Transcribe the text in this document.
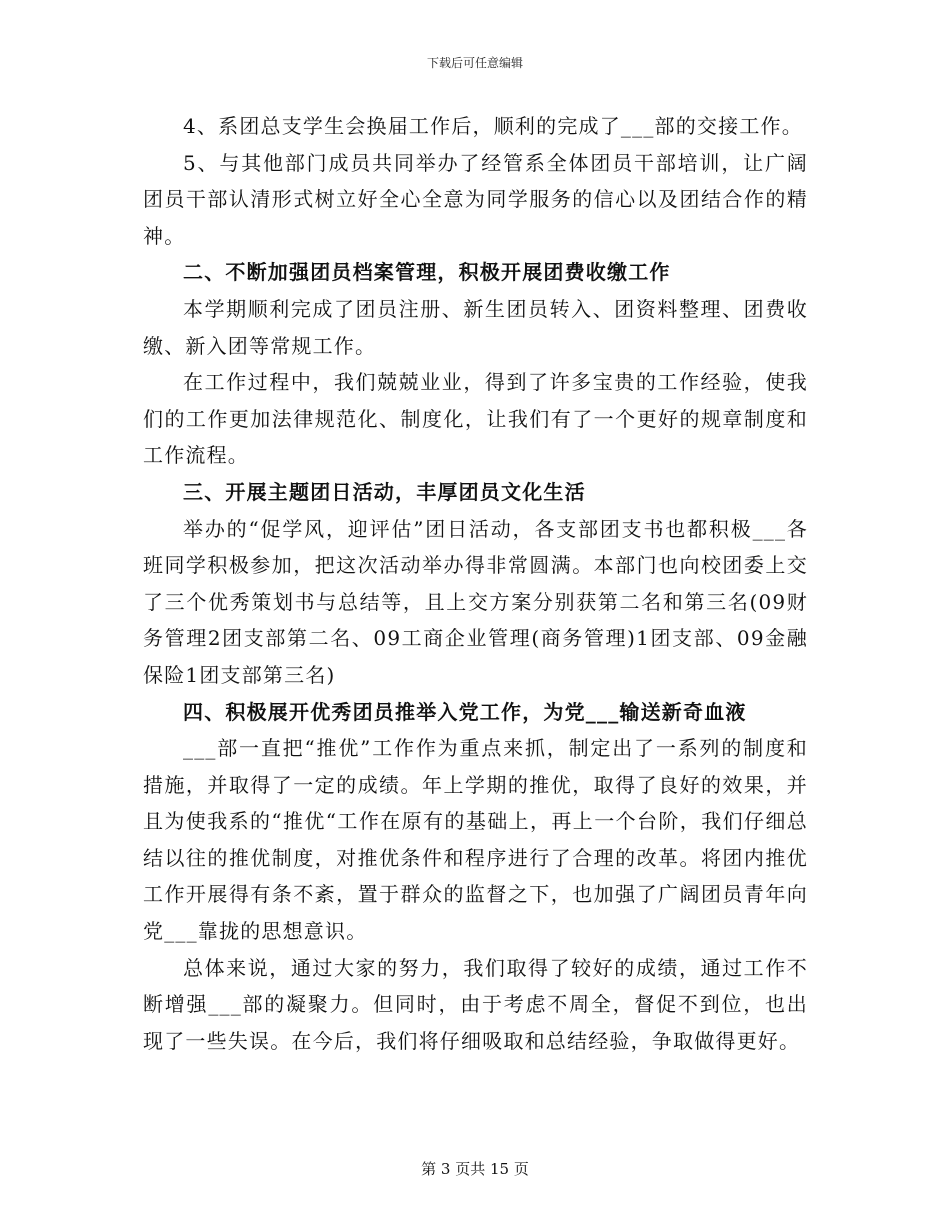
下载后可任意编辑

4、系团总支学生会换届工作后，顺利的完成了___部的交接工作。

5、与其他部门成员共同举办了经管系全体团员干部培训，让广阔团员干部认清形式树立好全心全意为同学服务的信心以及团结合作的精神。

二、不断加强团员档案管理，积极开展团费收缴工作

本学期顺利完成了团员注册、新生团员转入、团资料整理、团费收缴、新入团等常规工作。

在工作过程中，我们兢兢业业，得到了许多宝贵的工作经验，使我们的工作更加法律规范化、制度化，让我们有了一个更好的规章制度和工作流程。

三、开展主题团日活动，丰厚团员文化生活

举办的“促学风，迎评估”团日活动，各支部团支书也都积极___各班同学积极参加，把这次活动举办得非常圆满。本部门也向校团委上交了三个优秀策划书与总结等，且上交方案分别获第二名和第三名(09财务管理2团支部第二名、09工商企业管理(商务管理)1团支部、09金融保险1团支部第三名)

四、积极展开优秀团员推举入党工作，为党___输送新奇血液

___部一直把“推优”工作作为重点来抓，制定出了一系列的制度和措施，并取得了一定的成绩。年上学期的推优，取得了良好的效果，并且为使我系的“推优“工作在原有的基础上，再上一个台阶，我们仔细总结以往的推优制度，对推优条件和程序进行了合理的改革。将团内推优工作开展得有条不紊，置于群众的监督之下，也加强了广阔团员青年向党___靠拢的思想意识。

总体来说，通过大家的努力，我们取得了较好的成绩，通过工作不断增强___部的凝聚力。但同时，由于考虑不周全，督促不到位，也出现了一些失误。在今后，我们将仔细吸取和总结经验，争取做得更好。

第 3 页共 15 页
